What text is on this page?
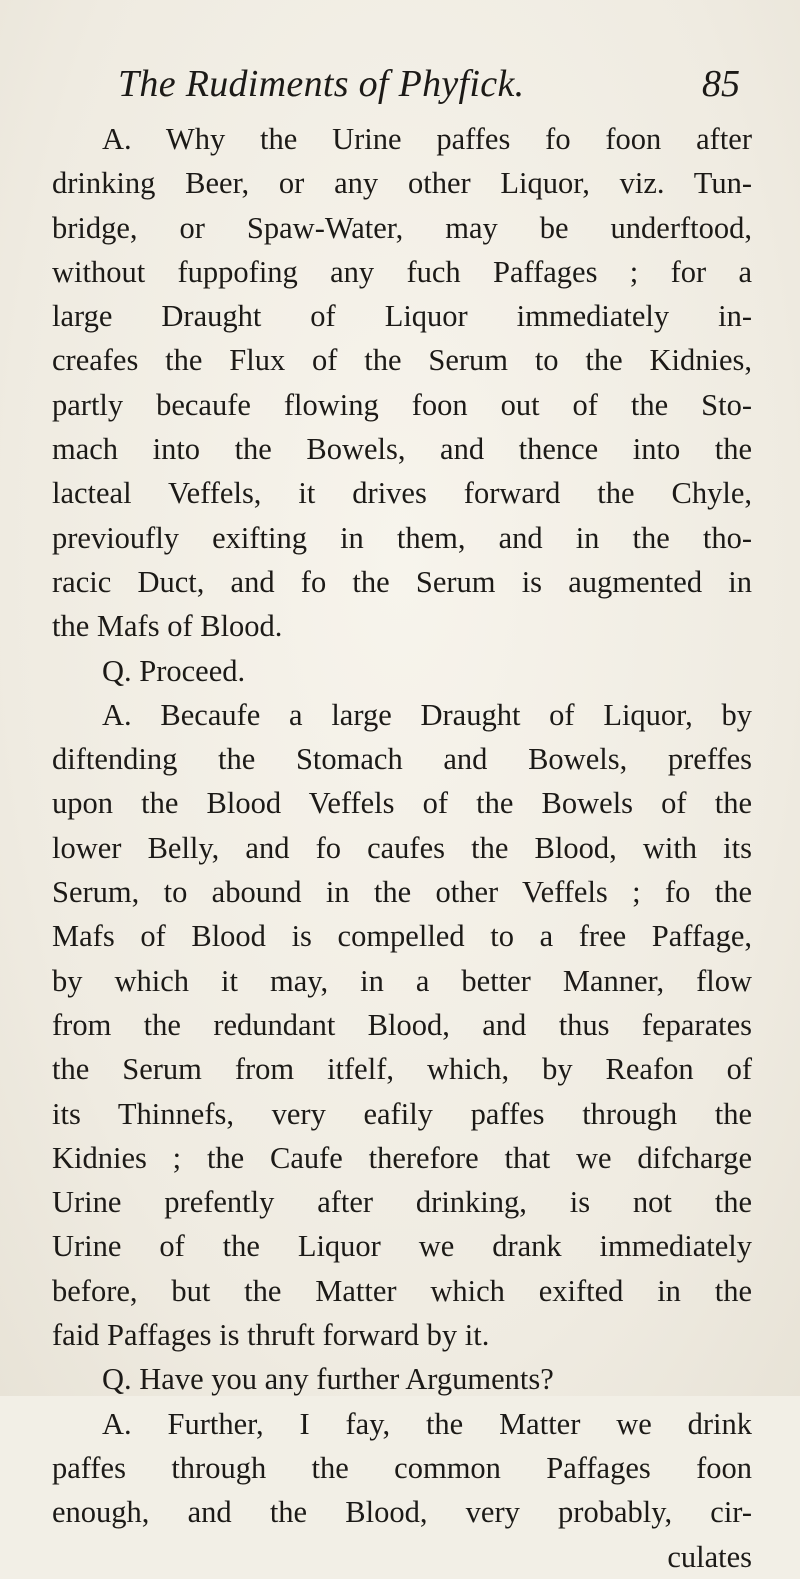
The Rudiments of Phyfick.	85
A. Why the Urine paffes fo foon after
drinking Beer, or any other Liquor, viz. Tun-
bridge, or Spaw-Water, may be underftood,
without fuppofing any fuch Paffages ; for a
large Draught of Liquor immediately in-
creafes the Flux of the Serum to the Kidnies,
partly becaufe flowing foon out of the Sto-
mach into the Bowels, and thence into the
lacteal Veffels, it drives forward the Chyle,
previoufly exifting in them, and in the tho-
racic Duct, and fo the Serum is augmented in
the Mafs of Blood.
Q. Proceed.
A. Becaufe a large Draught of Liquor, by
diftending the Stomach and Bowels, preffes
upon the Blood Veffels of the Bowels of the
lower Belly, and fo caufes the Blood, with its
Serum, to abound in the other Veffels ; fo the
Mafs of Blood is compelled to a free Paffage,
by which it may, in a better Manner, flow
from the redundant Blood, and thus feparates
the Serum from itfelf, which, by Reafon of
its Thinnefs, very eafily paffes through the
Kidnies ; the Caufe therefore that we difcharge
Urine prefently after drinking, is not the
Urine of the Liquor we drank immediately
before, but the Matter which exifted in the
faid Paffages is thruft forward by it.
Q. Have you any further Arguments?
A. Further, I fay, the Matter we drink
paffes through the common Paffages foon
enough, and the Blood, very probably, cir-
culates
